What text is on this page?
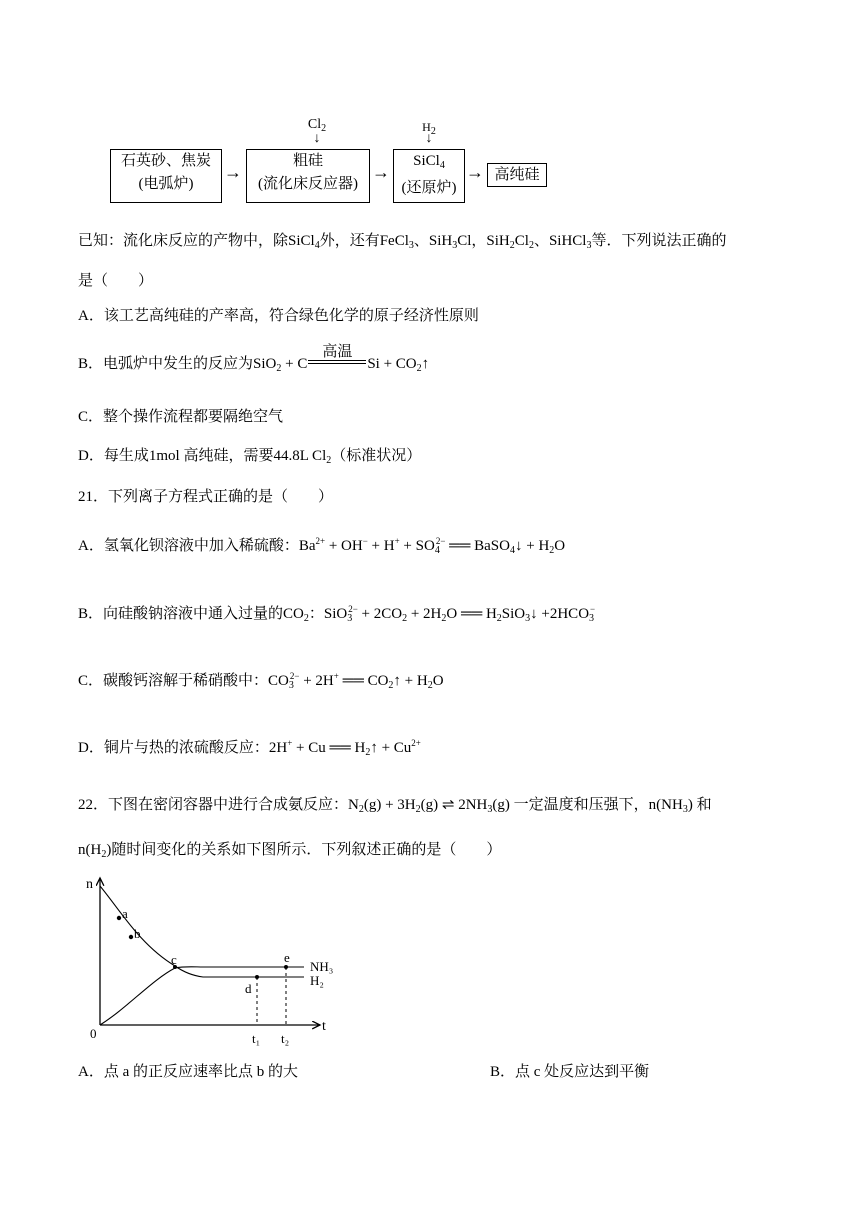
$Cl_2$
↓
$H_2$
↓
石英砂、焦炭
(电弧炉)
→
粗硅
(流化床反应器)
→
SiCl$_4$
(还原炉)
→ 高纯硅
已知：流化床反应的产物中，除SiCl$_4$外，还有FeCl$_3$、SiH$_3$Cl，$SiH_2Cl_2$、SiHCl$_3$等．下列说法正确的
是（　　）
A．该工艺高纯硅的产率高，符合绿色化学的原子经济性原则
B．电弧炉中发生的反应为SiO$_2$ + C
高温
$Si + CO_2↑$
C．整个操作流程都要隔绝空气
D．每生成1mol 高纯硅，需要44.8L $Cl_2$（标准状况）
21．下列离子方程式正确的是（　　）
A．氢氧化钡溶液中加入稀硫酸：$Ba^{2+} + OH^- + H^+ + SO_4^{2-}$ ══ BaSO$_4$↓ + $H_2O$
B．向硅酸钠溶液中通入过量的$CO_2$：$SiO_3^{2-} + 2CO_2 + 2H_2O$ ══ $H_2SiO_3↓ +2HCO_3^-$
C．碳酸钙溶解于稀硝酸中：$CO_3^{2-} + 2H^+$ ══ $CO_2↑ + H_2O$
D．铜片与热的浓硫酸反应：2H+ + Cu ══ $H_2↑ + Cu^{2+}$
22．下图在密闭容器中进行合成氨反应：$N_2(g) + 3H_2(g)$ ⇌ $2NH_3(g)$ 一定温度和压强下，$n(NH_3)$ 和
$n(H_2)$随时间变化的关系如下图所示．下列叙述正确的是（　　）
n
t
0
a
b
c
d
e
NH₃
H₂
t₁ t₂
A．点 a 的正反应速率比点 b 的大	B．点 c 处反应达到平衡
